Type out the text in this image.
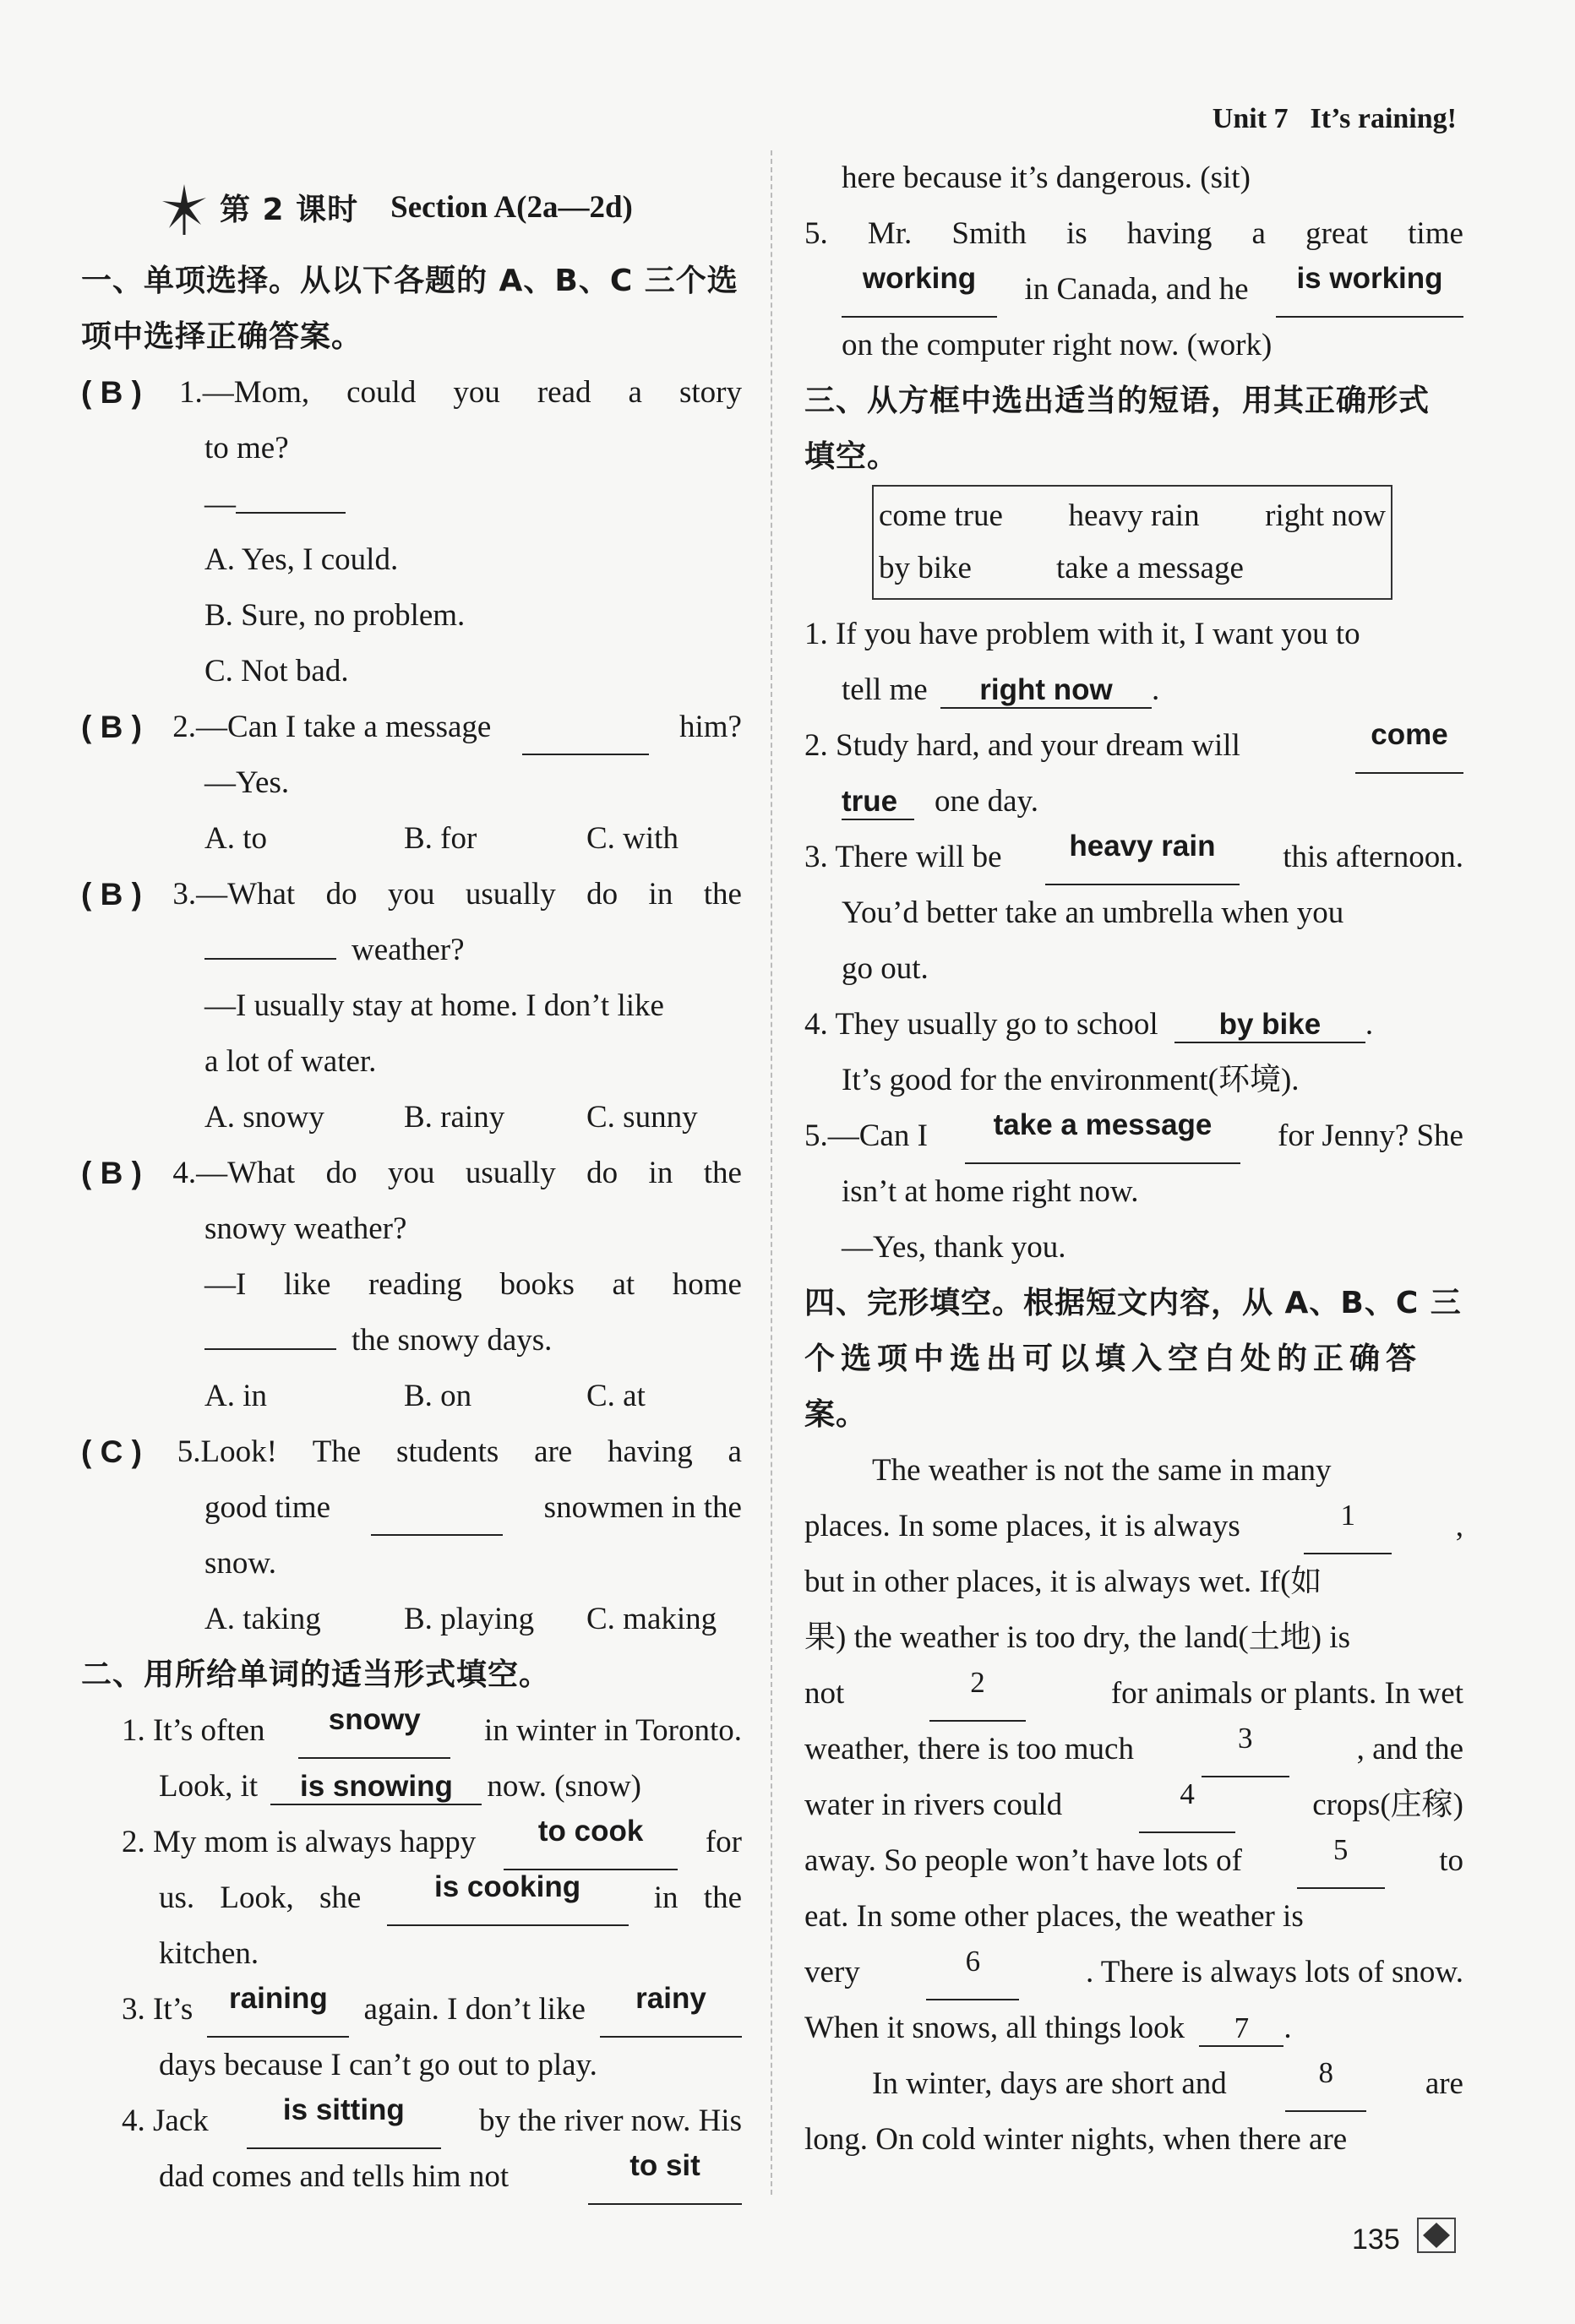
Unit 7 It’s raining!
第 2 课时 Section A(2a—2d)
一、单项选择。从以下各题的 A、B、C 三个选
项中选择正确答案。
( B ) 1.—Mom, could you read a story
to me?
—
A. Yes, I could.
B. Sure, no problem.
C. Not bad.
( B ) 2.—Can I take a message	him?
—Yes.
A. to	B. for	C. with
( B ) 3.—What do you usually do in the
weather?
—I usually stay at home. I don’t like
a lot of water.
A. snowy	B. rainy	C. sunny
( B ) 4.—What do you usually do in the
snowy weather?
—I like reading books at home
the snowy days.
A. in	B. on	C. at
( C ) 5.Look! The students are having a
good time	snowmen in the
snow.
A. taking	B. playing C. making
二、用所给单词的适当形式填空。
1. It’s often	snowy	in winter in Toronto.
Look, it is snowing now. (snow)
2. My mom is always happy	to cook	for
us. Look, she	is cooking	in the
kitchen.
3. It’s	raining	again. I don’t like	rainy
days because I can’t go out to play.
4. Jack	is sitting	by the river now. His
dad comes and tells him not	to sit
here because it’s dangerous. (sit)
5. Mr. Smith is having a great time
working	in Canada, and he	is working
on the computer right now. (work)
三、从方框中选出适当的短语，用其正确形式
填空。
come true heavy rain right now
by bike	take a message
1. If you have problem with it, I want you to
tell me right now .
2. Study hard, and your dream will	come
true one day.
3. There will be	heavy rain	this afternoon.
You’d better take an umbrella when you
go out.
4. They usually go to school by bike .
It’s good for the environment(环境).
5.—Can I	take a message	for Jenny? She
isn’t at home right now.
—Yes, thank you.
四、完形填空。根据短文内容，从 A、B、C 三
个选项中选出可以填入空白处的正确答
案。
The weather is not the same in many
places. In some places, it is always	1	,
but in other places, it is always wet. If(如
果) the weather is too dry, the land(土地) is
not	2	for animals or plants. In wet
weather, there is too much	3	, and the
water in rivers could	4	crops(庄稼)
away. So people won’t have lots of	5	to
eat. In some other places, the weather is
very	6	. There is always lots of snow.
When it snows, all things look 7 .
In winter, days are short and	8	are
long. On cold winter nights, when there are
135
